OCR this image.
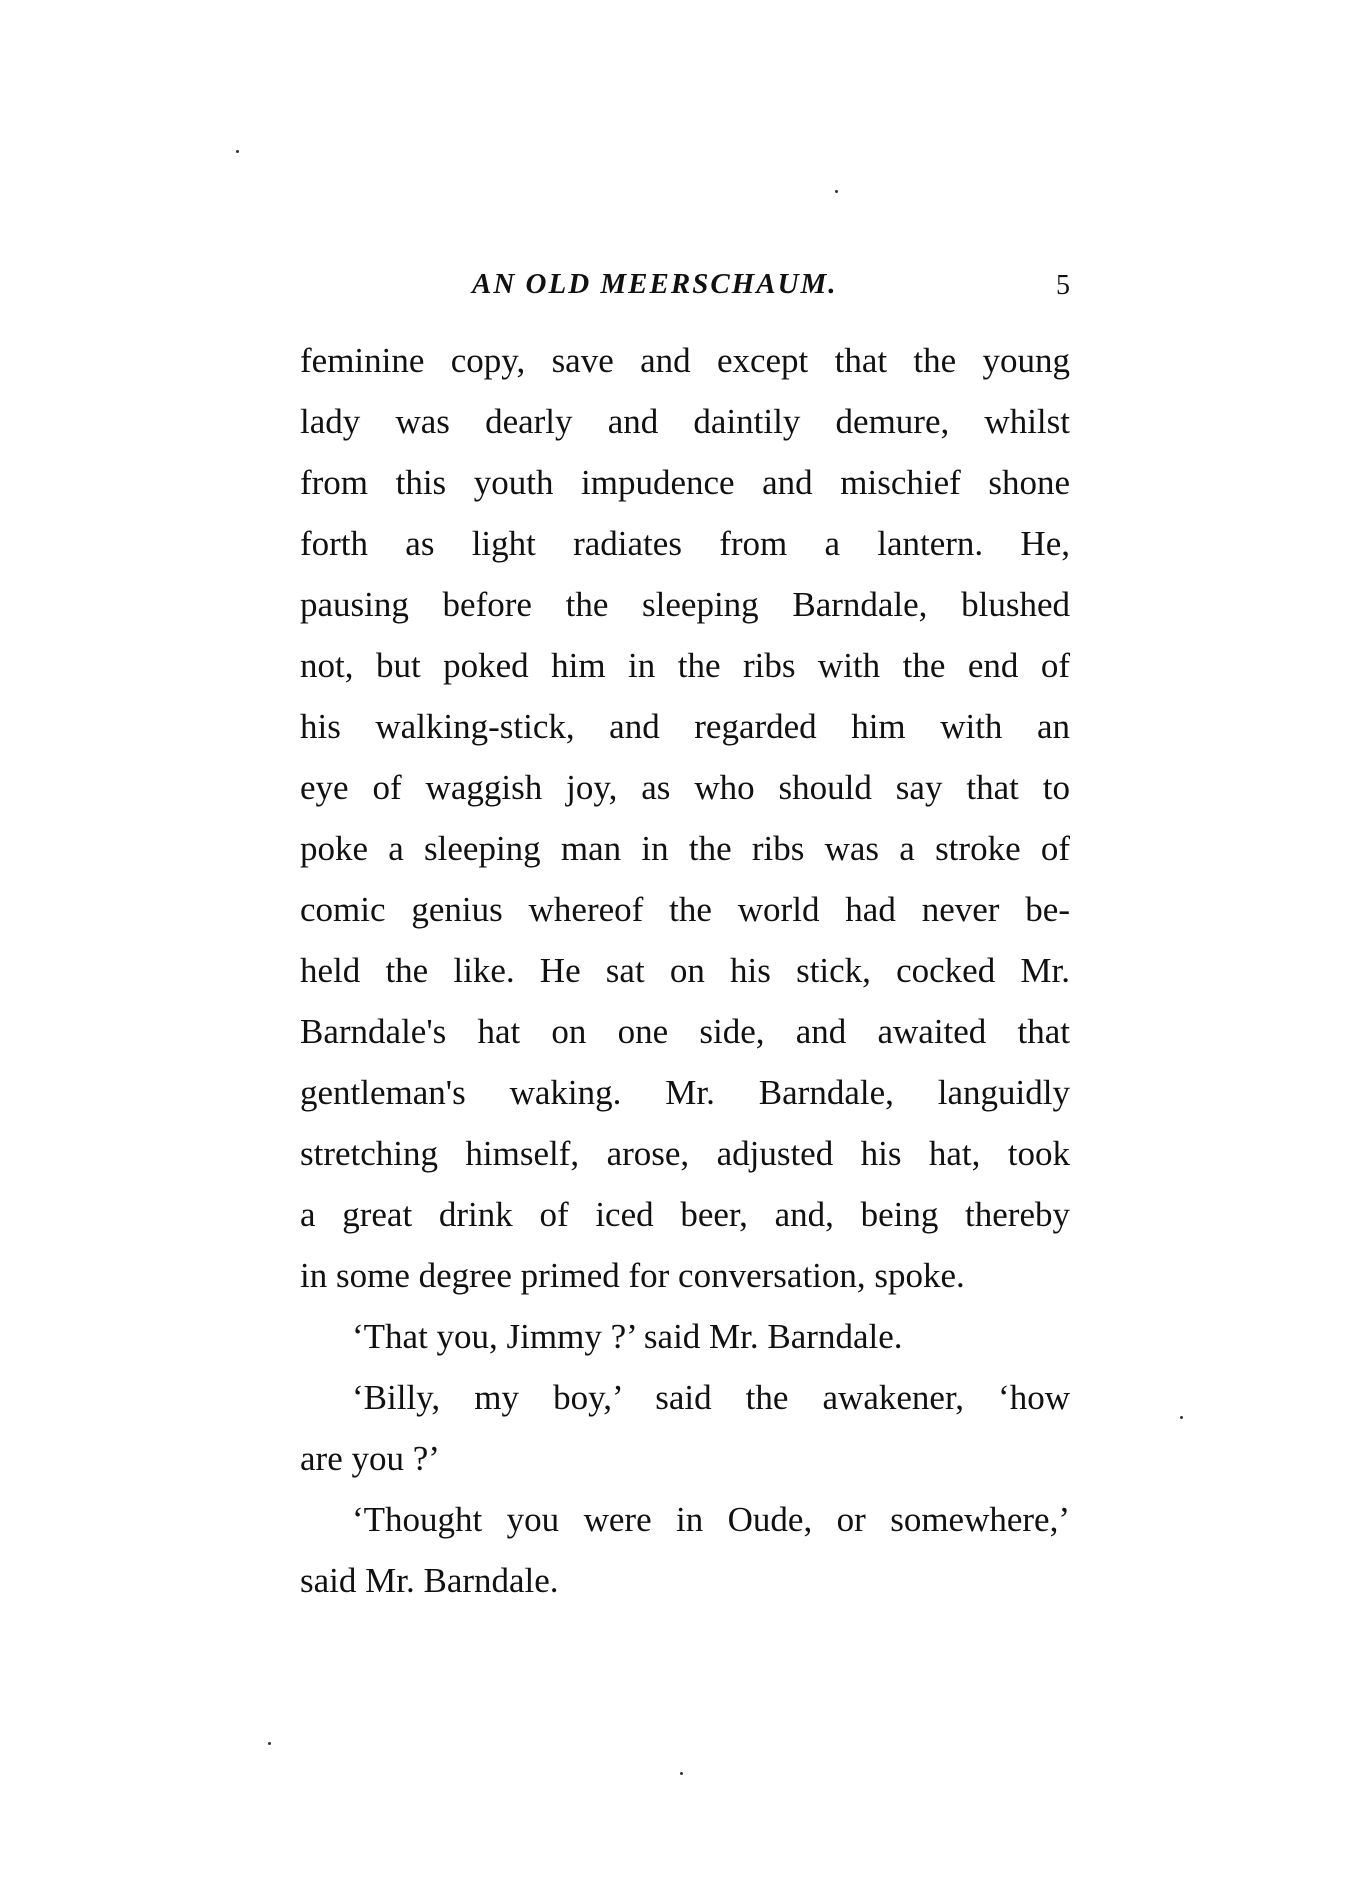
AN OLD MEERSCHAUM.	5
feminine copy, save and except that the young
lady was dearly and daintily demure, whilst
from this youth impudence and mischief shone
forth as light radiates from a lantern. He,
pausing before the sleeping Barndale, blushed
not, but poked him in the ribs with the end of
his walking-stick, and regarded him with an
eye of waggish joy, as who should say that to
poke a sleeping man in the ribs was a stroke of
comic genius whereof the world had never be-
held the like. He sat on his stick, cocked Mr.
Barndale's hat on one side, and awaited that
gentleman's waking. Mr. Barndale, languidly
stretching himself, arose, adjusted his hat, took
a great drink of iced beer, and, being thereby
in some degree primed for conversation, spoke.
‘That you, Jimmy ?’ said Mr. Barndale.
‘Billy, my boy,’ said the awakener, ‘how
are you ?’
‘Thought you were in Oude, or somewhere,’
said Mr. Barndale.
